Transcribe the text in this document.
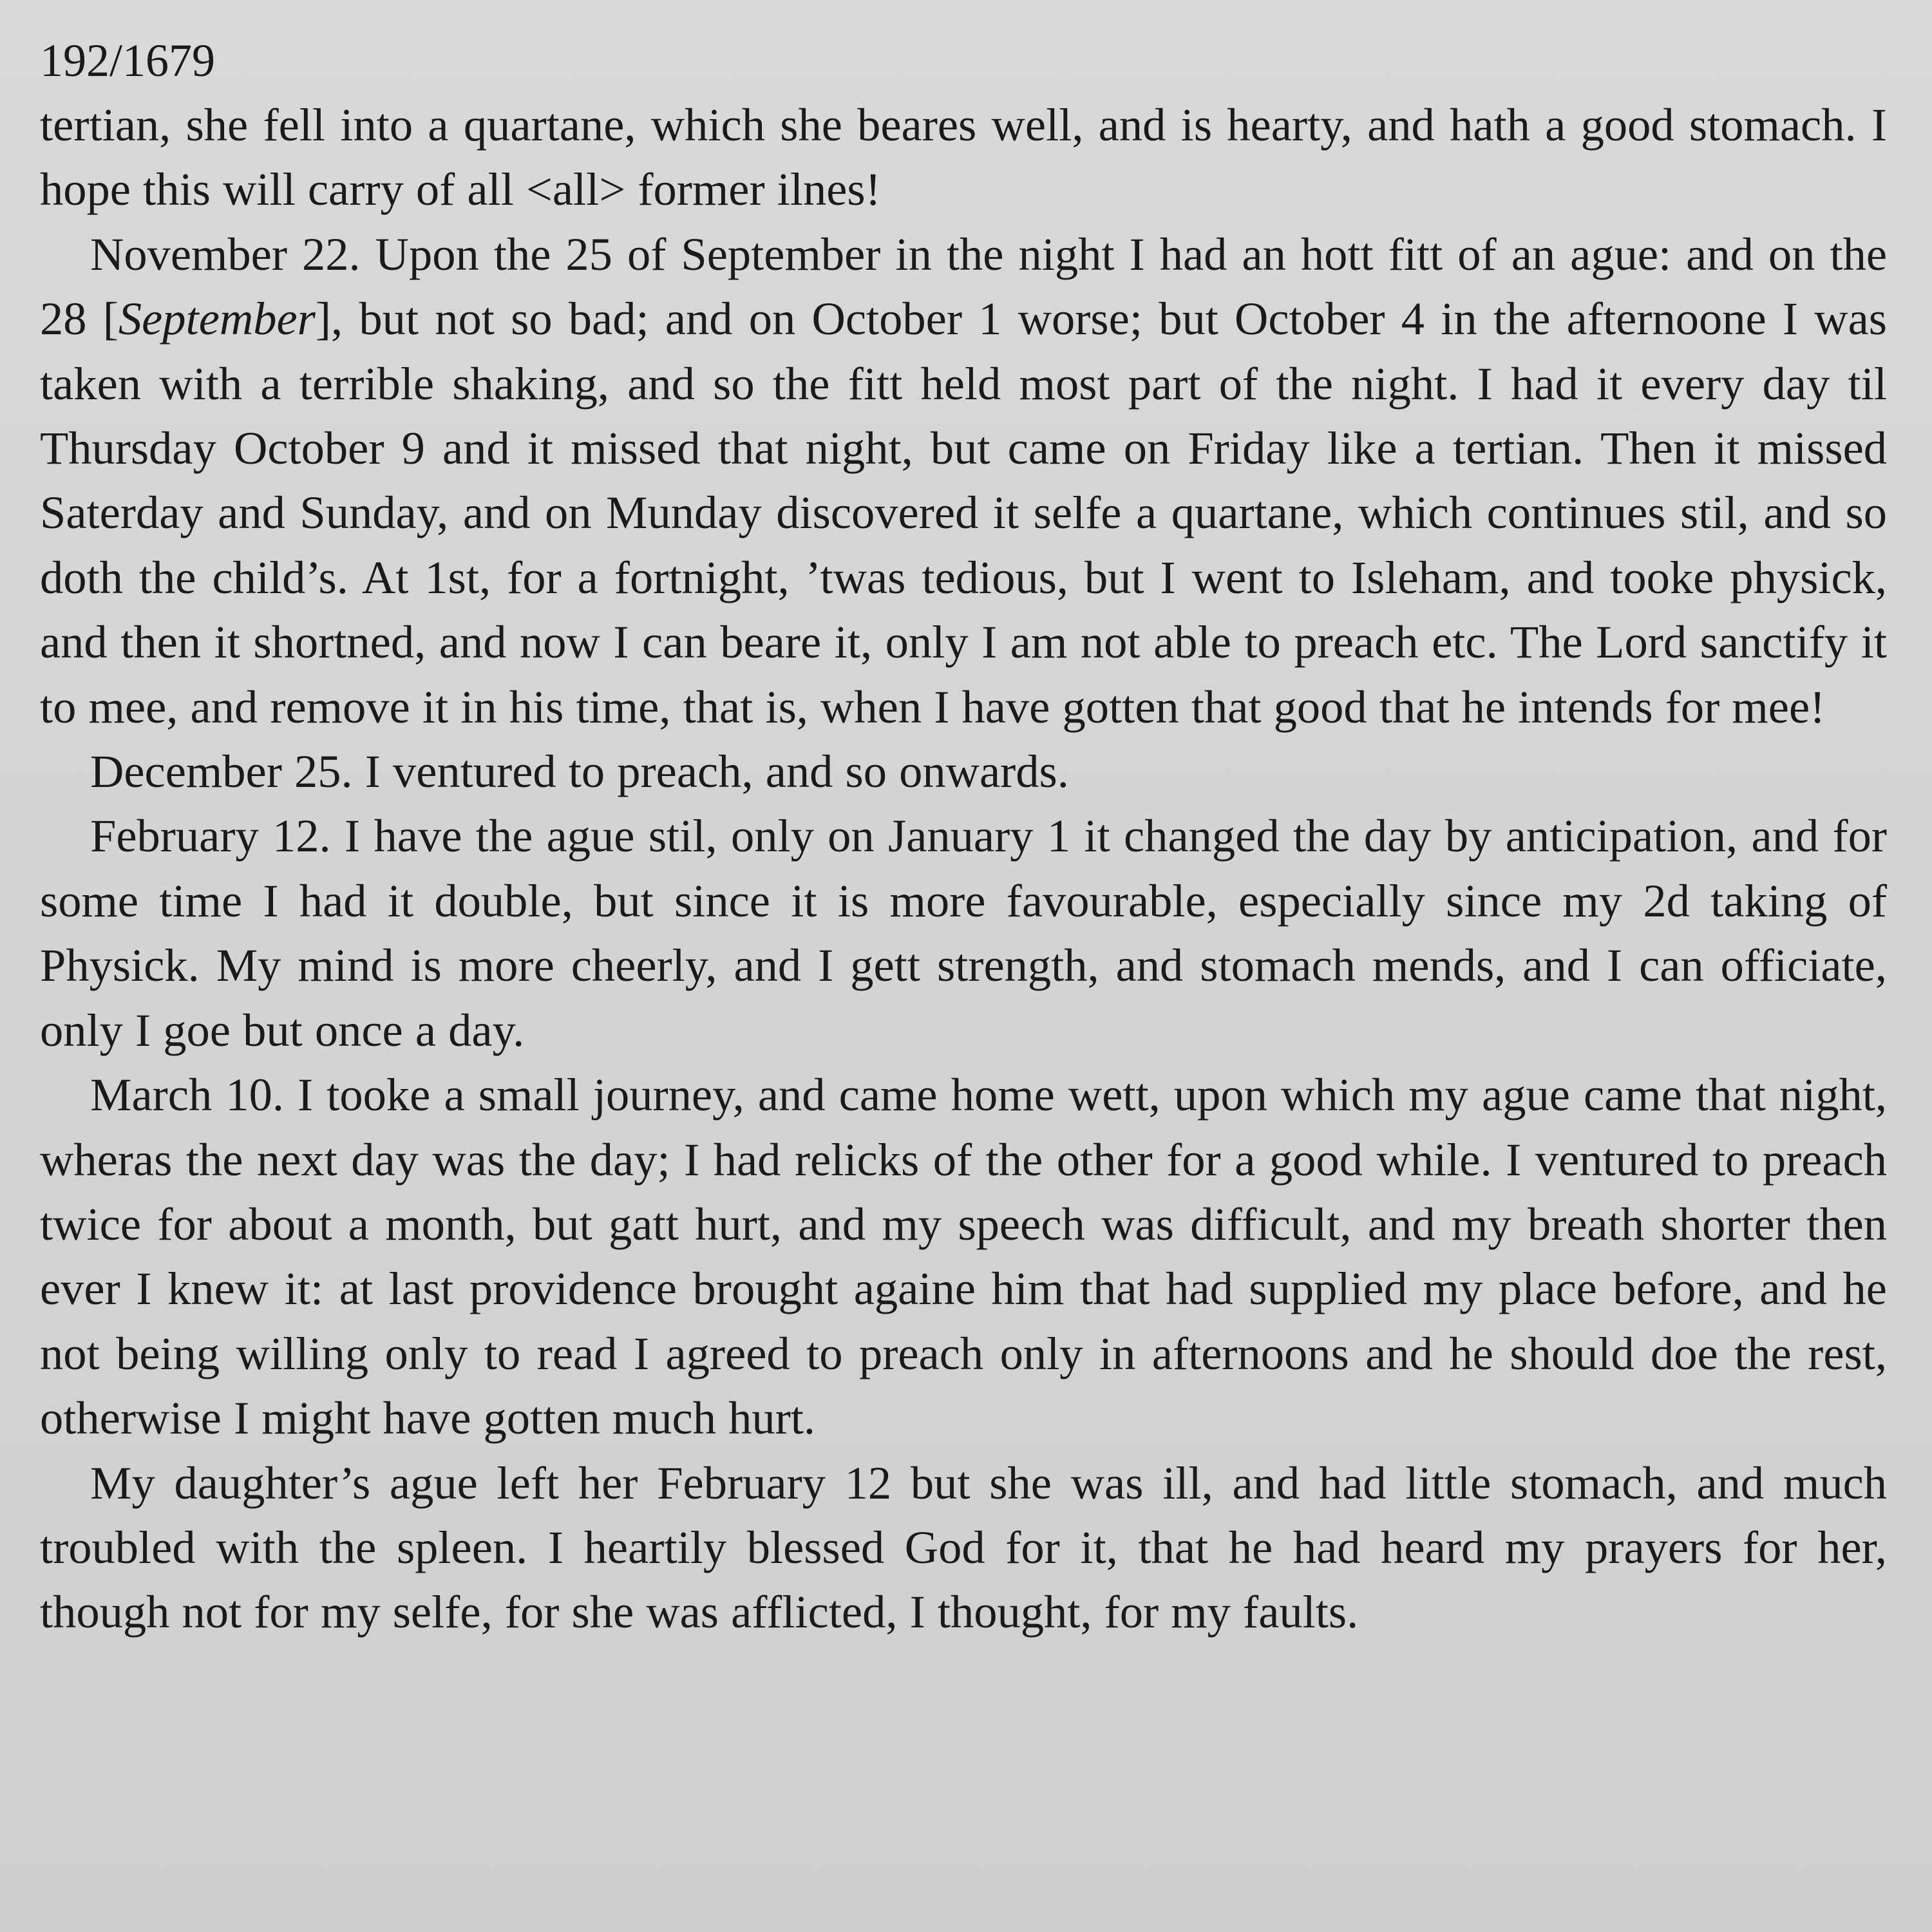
192/1679

tertian, she fell into a quartane, which she beares well, and is hearty, and hath a good stomach. I hope this will carry of all <all> former ilnes!

November 22. Upon the 25 of September in the night I had an hott fitt of an ague: and on the 28 [September], but not so bad; and on October 1 worse; but October 4 in the afternoone I was taken with a terrible shaking, and so the fitt held most part of the night. I had it every day til Thursday October 9 and it missed that night, but came on Friday like a tertian. Then it missed Saterday and Sunday, and on Munday discovered it selfe a quartane, which continues stil, and so doth the child’s. At 1st, for a fortnight, ’twas tedious, but I went to Isleham, and tooke physick, and then it shortned, and now I can beare it, only I am not able to preach etc. The Lord sanctify it to mee, and remove it in his time, that is, when I have gotten that good that he intends for mee!

December 25. I ventured to preach, and so onwards.

February 12. I have the ague stil, only on January 1 it changed the day by anticipation, and for some time I had it double, but since it is more favourable, especially since my 2d taking of Physick. My mind is more cheerly, and I gett strength, and stomach mends, and I can officiate, only I goe but once a day.

March 10. I tooke a small journey, and came home wett, upon which my ague came that night, wheras the next day was the day; I had relicks of the other for a good while. I ventured to preach twice for about a month, but gatt hurt, and my speech was difficult, and my breath shorter then ever I knew it: at last providence brought againe him that had supplied my place before, and he not being willing only to read I agreed to preach only in afternoons and he should doe the rest, otherwise I might have gotten much hurt.

My daughter’s ague left her February 12 but she was ill, and had little stomach, and much troubled with the spleen. I heartily blessed God for it, that he had heard my prayers for her, though not for my selfe, for she was afflicted, I thought, for my faults.
